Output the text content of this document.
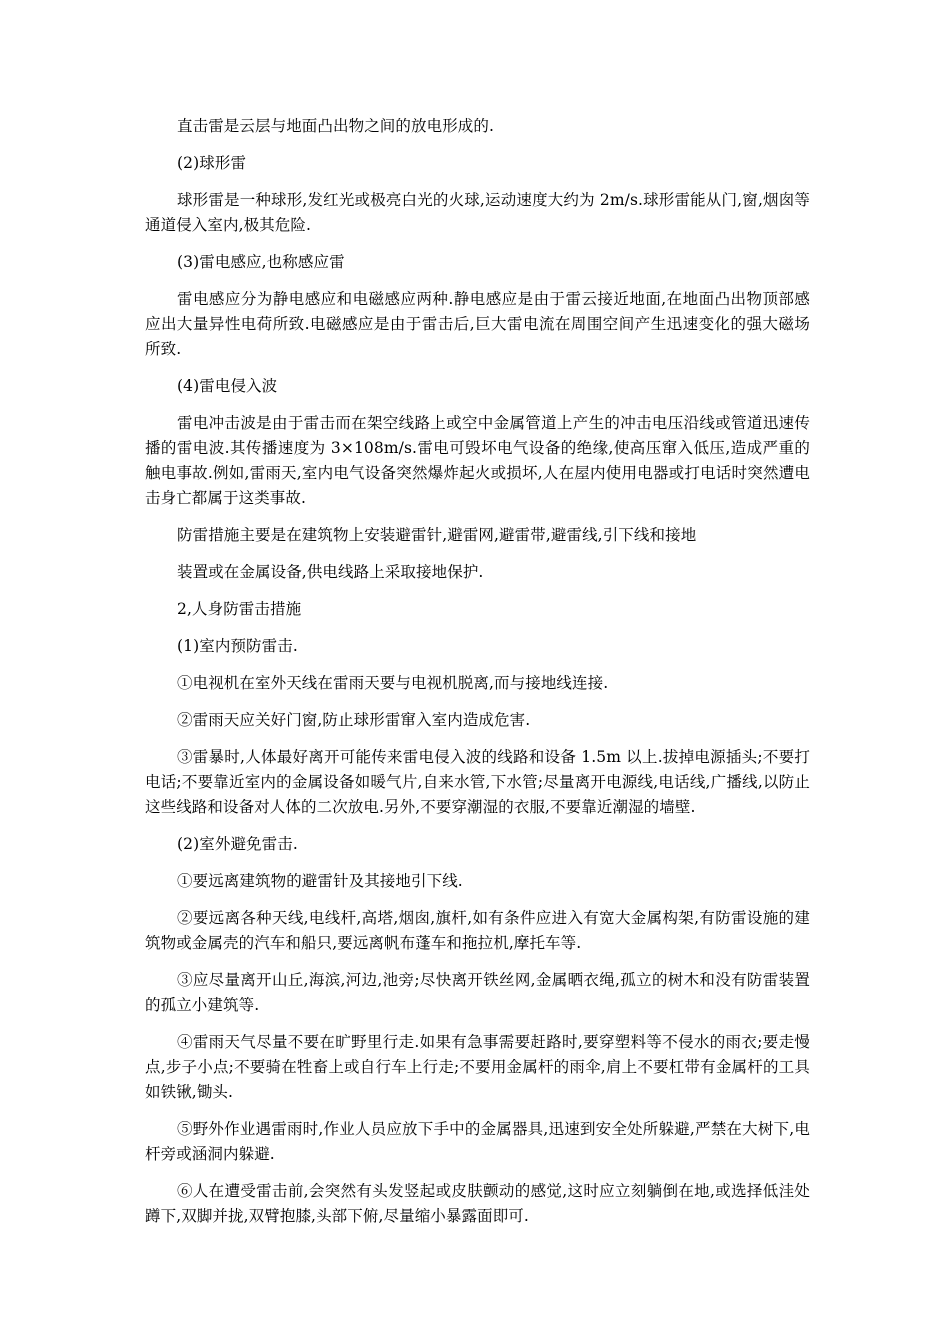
直击雷是云层与地面凸出物之间的放电形成的.

(2)球形雷

球形雷是一种球形,发红光或极亮白光的火球,运动速度大约为 2m/s.球形雷能从门,窗,烟囱等通道侵入室内,极其危险.

(3)雷电感应,也称感应雷

雷电感应分为静电感应和电磁感应两种.静电感应是由于雷云接近地面,在地面凸出物顶部感应出大量异性电荷所致.电磁感应是由于雷击后,巨大雷电流在周围空间产生迅速变化的强大磁场所致.

(4)雷电侵入波

雷电冲击波是由于雷击而在架空线路上或空中金属管道上产生的冲击电压沿线或管道迅速传播的雷电波.其传播速度为 3×108m/s.雷电可毁坏电气设备的绝缘,使高压窜入低压,造成严重的触电事故.例如,雷雨天,室内电气设备突然爆炸起火或损坏,人在屋内使用电器或打电话时突然遭电击身亡都属于这类事故.

防雷措施主要是在建筑物上安装避雷针,避雷网,避雷带,避雷线,引下线和接地

装置或在金属设备,供电线路上采取接地保护.

2,人身防雷击措施

(1)室内预防雷击.

①电视机在室外天线在雷雨天要与电视机脱离,而与接地线连接.

②雷雨天应关好门窗,防止球形雷窜入室内造成危害.

③雷暴时,人体最好离开可能传来雷电侵入波的线路和设备 1.5m 以上.拔掉电源插头;不要打电话;不要靠近室内的金属设备如暖气片,自来水管,下水管;尽量离开电源线,电话线,广播线,以防止这些线路和设备对人体的二次放电.另外,不要穿潮湿的衣服,不要靠近潮湿的墙壁.

(2)室外避免雷击.

①要远离建筑物的避雷针及其接地引下线.

②要远离各种天线,电线杆,高塔,烟囱,旗杆,如有条件应进入有宽大金属构架,有防雷设施的建筑物或金属壳的汽车和船只,要远离帆布蓬车和拖拉机,摩托车等.

③应尽量离开山丘,海滨,河边,池旁;尽快离开铁丝网,金属晒衣绳,孤立的树木和没有防雷装置的孤立小建筑等.

④雷雨天气尽量不要在旷野里行走.如果有急事需要赶路时,要穿塑料等不侵水的雨衣;要走慢点,步子小点;不要骑在牲畜上或自行车上行走;不要用金属杆的雨伞,肩上不要杠带有金属杆的工具如铁锹,锄头.

⑤野外作业遇雷雨时,作业人员应放下手中的金属器具,迅速到安全处所躲避,严禁在大树下,电杆旁或涵洞内躲避.

⑥人在遭受雷击前,会突然有头发竖起或皮肤颤动的感觉,这时应立刻躺倒在地,或选择低洼处蹲下,双脚并拢,双臂抱膝,头部下俯,尽量缩小暴露面即可.
